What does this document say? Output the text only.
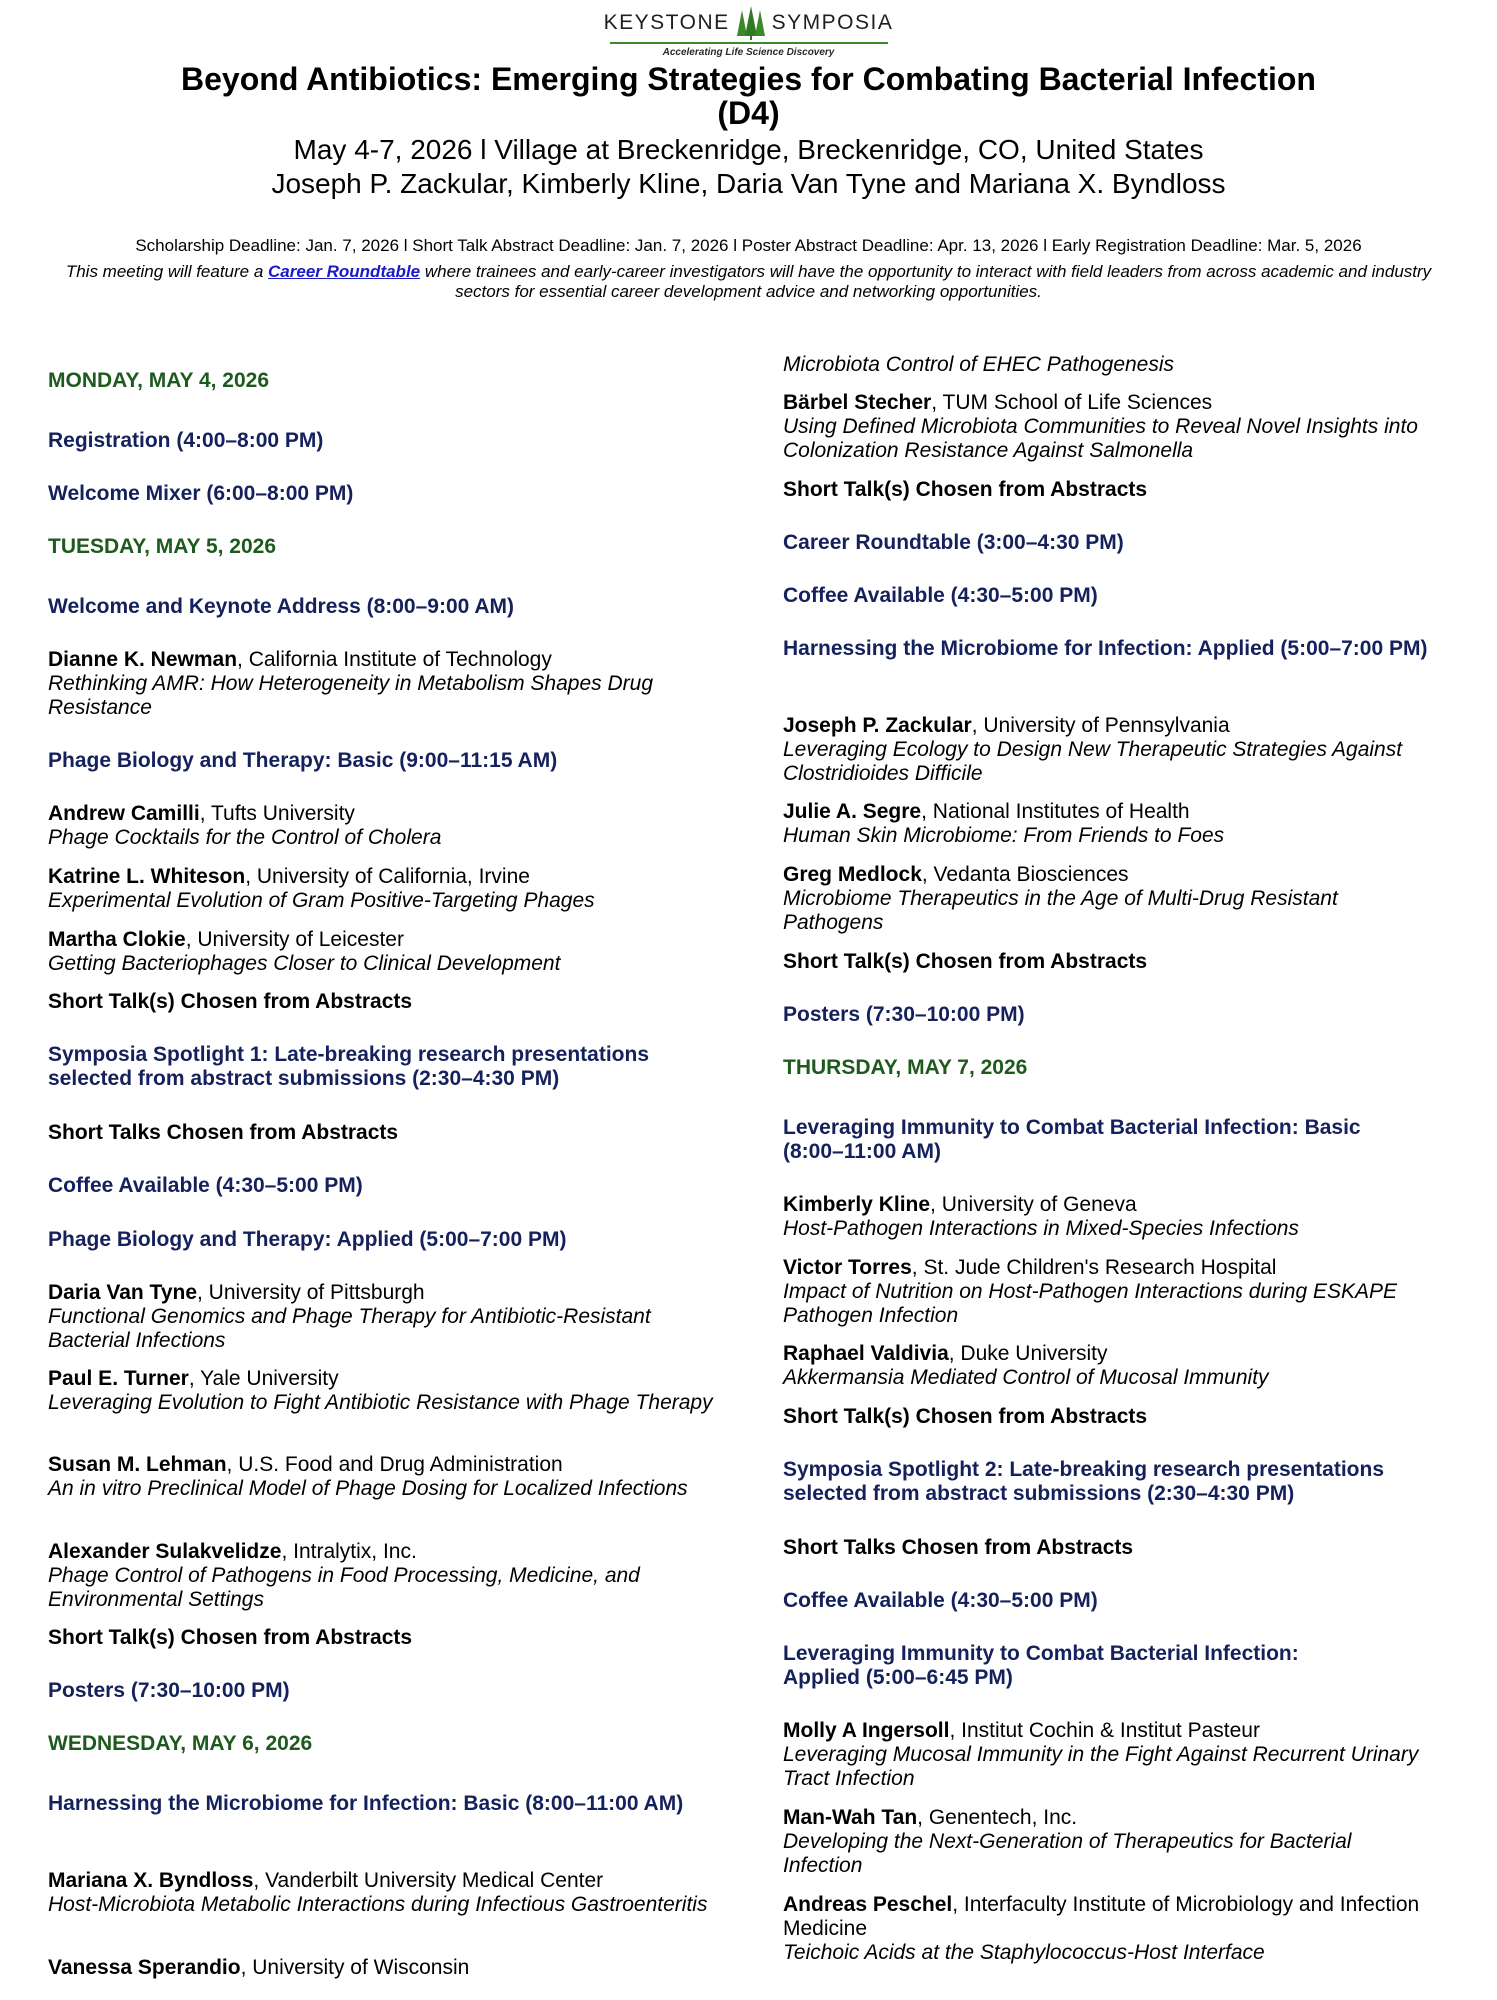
KEYSTONE SYMPOSIA
Accelerating Life Science Discovery
Beyond Antibiotics: Emerging Strategies for Combating Bacterial Infection
(D4)
May 4-7, 2026 l Village at Breckenridge, Breckenridge, CO, United States
Joseph P. Zackular, Kimberly Kline, Daria Van Tyne and Mariana X. Byndloss
Scholarship Deadline: Jan. 7, 2026 l Short Talk Abstract Deadline: Jan. 7, 2026 l Poster Abstract Deadline: Apr. 13, 2026 l Early Registration Deadline: Mar. 5, 2026
This meeting will feature a Career Roundtable where trainees and early-career investigators will have the opportunity to interact with field leaders from across academic and industry sectors for essential career development advice and networking opportunities.
MONDAY, MAY 4, 2026
Registration (4:00–8:00 PM)
Welcome Mixer (6:00–8:00 PM)
TUESDAY, MAY 5, 2026
Welcome and Keynote Address (8:00–9:00 AM)
Dianne K. Newman, California Institute of Technology
Rethinking AMR: How Heterogeneity in Metabolism Shapes Drug Resistance
Phage Biology and Therapy: Basic (9:00–11:15 AM)
Andrew Camilli, Tufts University
Phage Cocktails for the Control of Cholera
Katrine L. Whiteson, University of California, Irvine
Experimental Evolution of Gram Positive-Targeting Phages
Martha Clokie, University of Leicester
Getting Bacteriophages Closer to Clinical Development
Short Talk(s) Chosen from Abstracts
Symposia Spotlight 1: Late-breaking research presentations selected from abstract submissions (2:30–4:30 PM)
Short Talks Chosen from Abstracts
Coffee Available (4:30–5:00 PM)
Phage Biology and Therapy: Applied (5:00–7:00 PM)
Daria Van Tyne, University of Pittsburgh
Functional Genomics and Phage Therapy for Antibiotic-Resistant Bacterial Infections
Paul E. Turner, Yale University
Leveraging Evolution to Fight Antibiotic Resistance with Phage Therapy
Susan M. Lehman, U.S. Food and Drug Administration
An in vitro Preclinical Model of Phage Dosing for Localized Infections
Alexander Sulakvelidze, Intralytix, Inc.
Phage Control of Pathogens in Food Processing, Medicine, and Environmental Settings
Short Talk(s) Chosen from Abstracts
Posters (7:30–10:00 PM)
WEDNESDAY, MAY 6, 2026
Harnessing the Microbiome for Infection: Basic (8:00–11:00 AM)
Mariana X. Byndloss, Vanderbilt University Medical Center
Host-Microbiota Metabolic Interactions during Infectious Gastroenteritis
Vanessa Sperandio, University of Wisconsin
Microbiota Control of EHEC Pathogenesis
Bärbel Stecher, TUM School of Life Sciences
Using Defined Microbiota Communities to Reveal Novel Insights into Colonization Resistance Against Salmonella
Short Talk(s) Chosen from Abstracts
Career Roundtable (3:00–4:30 PM)
Coffee Available (4:30–5:00 PM)
Harnessing the Microbiome for Infection: Applied (5:00–7:00 PM)
Joseph P. Zackular, University of Pennsylvania
Leveraging Ecology to Design New Therapeutic Strategies Against Clostridioides Difficile
Julie A. Segre, National Institutes of Health
Human Skin Microbiome: From Friends to Foes
Greg Medlock, Vedanta Biosciences
Microbiome Therapeutics in the Age of Multi-Drug Resistant Pathogens
Short Talk(s) Chosen from Abstracts
Posters (7:30–10:00 PM)
THURSDAY, MAY 7, 2026
Leveraging Immunity to Combat Bacterial Infection: Basic (8:00–11:00 AM)
Kimberly Kline, University of Geneva
Host-Pathogen Interactions in Mixed-Species Infections
Victor Torres, St. Jude Children's Research Hospital
Impact of Nutrition on Host-Pathogen Interactions during ESKAPE Pathogen Infection
Raphael Valdivia, Duke University
Akkermansia Mediated Control of Mucosal Immunity
Short Talk(s) Chosen from Abstracts
Symposia Spotlight 2: Late-breaking research presentations selected from abstract submissions (2:30–4:30 PM)
Short Talks Chosen from Abstracts
Coffee Available (4:30–5:00 PM)
Leveraging Immunity to Combat Bacterial Infection: Applied (5:00–6:45 PM)
Molly A Ingersoll, Institut Cochin & Institut Pasteur
Leveraging Mucosal Immunity in the Fight Against Recurrent Urinary Tract Infection
Man-Wah Tan, Genentech, Inc.
Developing the Next-Generation of Therapeutics for Bacterial Infection
Andreas Peschel, Interfaculty Institute of Microbiology and Infection Medicine
Teichoic Acids at the Staphylococcus-Host Interface
